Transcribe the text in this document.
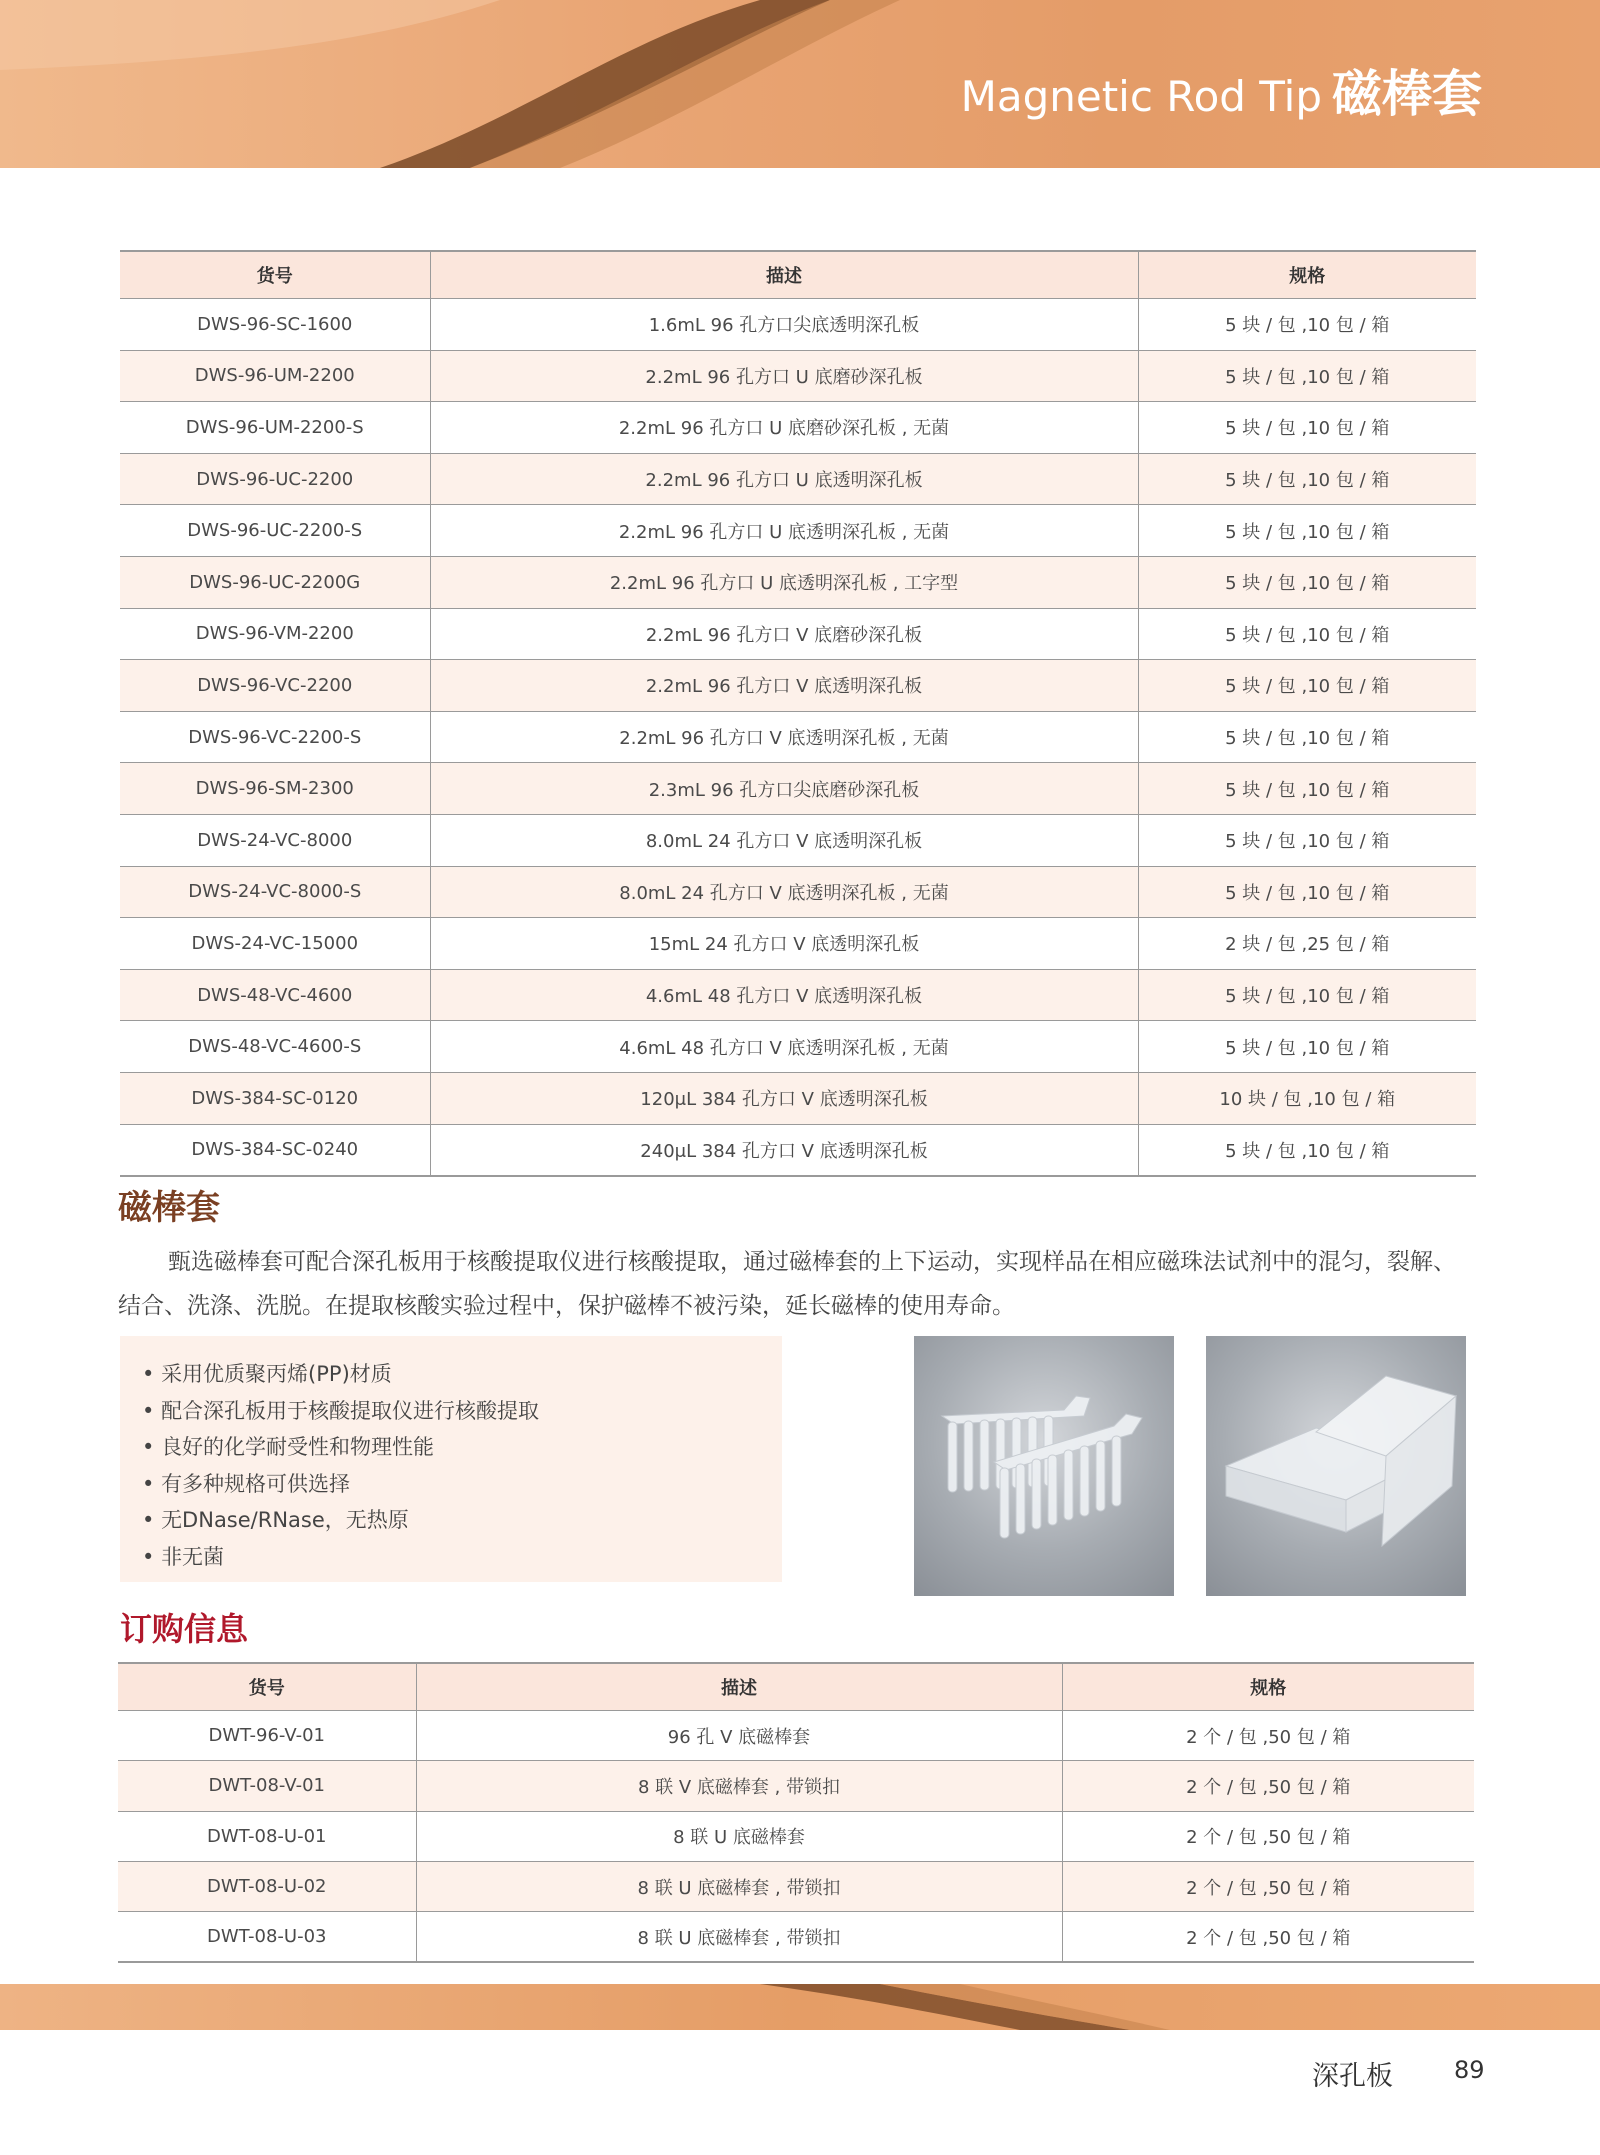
Magnetic Rod Tip 磁棒套
货号	描述	规格
DWS-96-SC-1600	1.6mL 96 孔方口尖底透明深孔板	5 块 / 包 ,10 包 / 箱
DWS-96-UM-2200	2.2mL 96 孔方口 U 底磨砂深孔板	5 块 / 包 ,10 包 / 箱
DWS-96-UM-2200-S	2.2mL 96 孔方口 U 底磨砂深孔板 , 无菌	5 块 / 包 ,10 包 / 箱
DWS-96-UC-2200	2.2mL 96 孔方口 U 底透明深孔板	5 块 / 包 ,10 包 / 箱
DWS-96-UC-2200-S	2.2mL 96 孔方口 U 底透明深孔板 , 无菌	5 块 / 包 ,10 包 / 箱
DWS-96-UC-2200G	2.2mL 96 孔方口 U 底透明深孔板 , 工字型	5 块 / 包 ,10 包 / 箱
DWS-96-VM-2200	2.2mL 96 孔方口 V 底磨砂深孔板	5 块 / 包 ,10 包 / 箱
DWS-96-VC-2200	2.2mL 96 孔方口 V 底透明深孔板	5 块 / 包 ,10 包 / 箱
DWS-96-VC-2200-S	2.2mL 96 孔方口 V 底透明深孔板 , 无菌	5 块 / 包 ,10 包 / 箱
DWS-96-SM-2300	2.3mL 96 孔方口尖底磨砂深孔板	5 块 / 包 ,10 包 / 箱
DWS-24-VC-8000	8.0mL 24 孔方口 V 底透明深孔板	5 块 / 包 ,10 包 / 箱
DWS-24-VC-8000-S	8.0mL 24 孔方口 V 底透明深孔板 , 无菌	5 块 / 包 ,10 包 / 箱
DWS-24-VC-15000	15mL 24 孔方口 V 底透明深孔板	2 块 / 包 ,25 包 / 箱
DWS-48-VC-4600	4.6mL 48 孔方口 V 底透明深孔板	5 块 / 包 ,10 包 / 箱
DWS-48-VC-4600-S	4.6mL 48 孔方口 V 底透明深孔板 , 无菌	5 块 / 包 ,10 包 / 箱
DWS-384-SC-0120	120μL 384 孔方口 V 底透明深孔板	10 块 / 包 ,10 包 / 箱
DWS-384-SC-0240	240μL 384 孔方口 V 底透明深孔板	5 块 / 包 ,10 包 / 箱
磁棒套
甄选磁棒套可配合深孔板用于核酸提取仪进行核酸提取，通过磁棒套的上下运动，实现样品在相应磁珠法试剂中的混匀，裂解、结合、洗涤、洗脱。在提取核酸实验过程中，保护磁棒不被污染，延长磁棒的使用寿命。
• 采用优质聚丙烯(PP)材质
• 配合深孔板用于核酸提取仪进行核酸提取
• 良好的化学耐受性和物理性能
• 有多种规格可供选择
• 无DNase/RNase，无热原
• 非无菌
订购信息
货号	描述	规格
DWT-96-V-01	96 孔 V 底磁棒套	2 个 / 包 ,50 包 / 箱
DWT-08-V-01	8 联 V 底磁棒套 , 带锁扣	2 个 / 包 ,50 包 / 箱
DWT-08-U-01	8 联 U 底磁棒套	2 个 / 包 ,50 包 / 箱
DWT-08-U-02	8 联 U 底磁棒套 , 带锁扣	2 个 / 包 ,50 包 / 箱
DWT-08-U-03	8 联 U 底磁棒套 , 带锁扣	2 个 / 包 ,50 包 / 箱
深孔板	89
